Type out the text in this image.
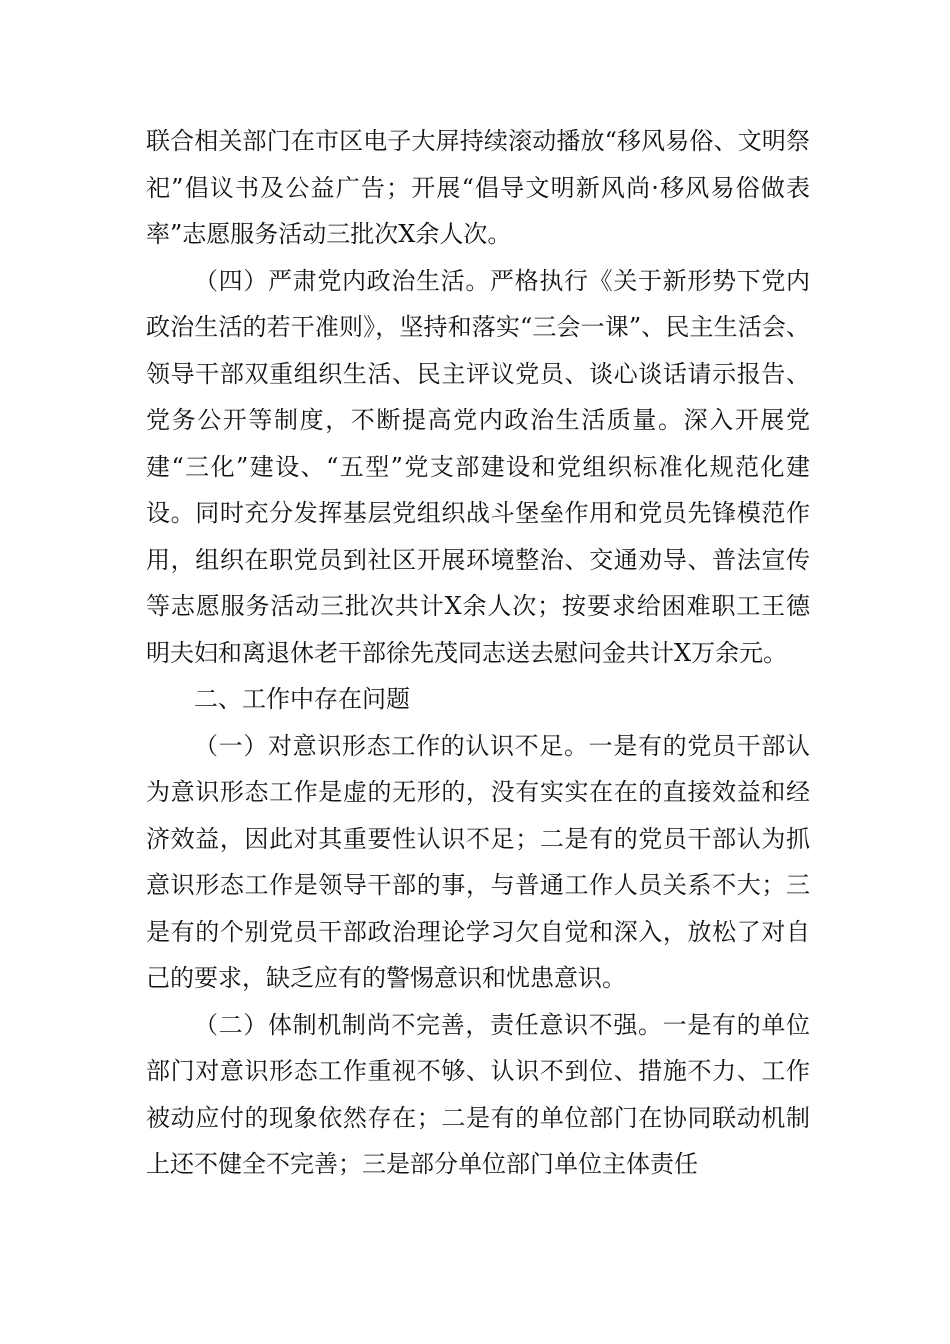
联合相关部门在市区电子大屏持续滚动播放“移风易俗、文明祭祀”倡议书及公益广告；开展“倡导文明新风尚·移风易俗做表率”志愿服务活动三批次X余人次。

（四）严肃党内政治生活。严格执行《关于新形势下党内政治生活的若干准则》，坚持和落实“三会一课”、民主生活会、领导干部双重组织生活、民主评议党员、谈心谈话请示报告、党务公开等制度，不断提高党内政治生活质量。深入开展党建“三化”建设、“五型”党支部建设和党组织标准化规范化建设。同时充分发挥基层党组织战斗堡垒作用和党员先锋模范作用，组织在职党员到社区开展环境整治、交通劝导、普法宣传等志愿服务活动三批次共计X余人次；按要求给困难职工王德明夫妇和离退休老干部徐先茂同志送去慰问金共计X万余元。

二、工作中存在问题

（一）对意识形态工作的认识不足。一是有的党员干部认为意识形态工作是虚的无形的，没有实实在在的直接效益和经济效益，因此对其重要性认识不足；二是有的党员干部认为抓意识形态工作是领导干部的事，与普通工作人员关系不大；三是有的个别党员干部政治理论学习欠自觉和深入，放松了对自己的要求，缺乏应有的警惕意识和忧患意识。

（二）体制机制尚不完善，责任意识不强。一是有的单位部门对意识形态工作重视不够、认识不到位、措施不力、工作被动应付的现象依然存在；二是有的单位部门在协同联动机制上还不健全不完善；三是部分单位部门单位主体责任
